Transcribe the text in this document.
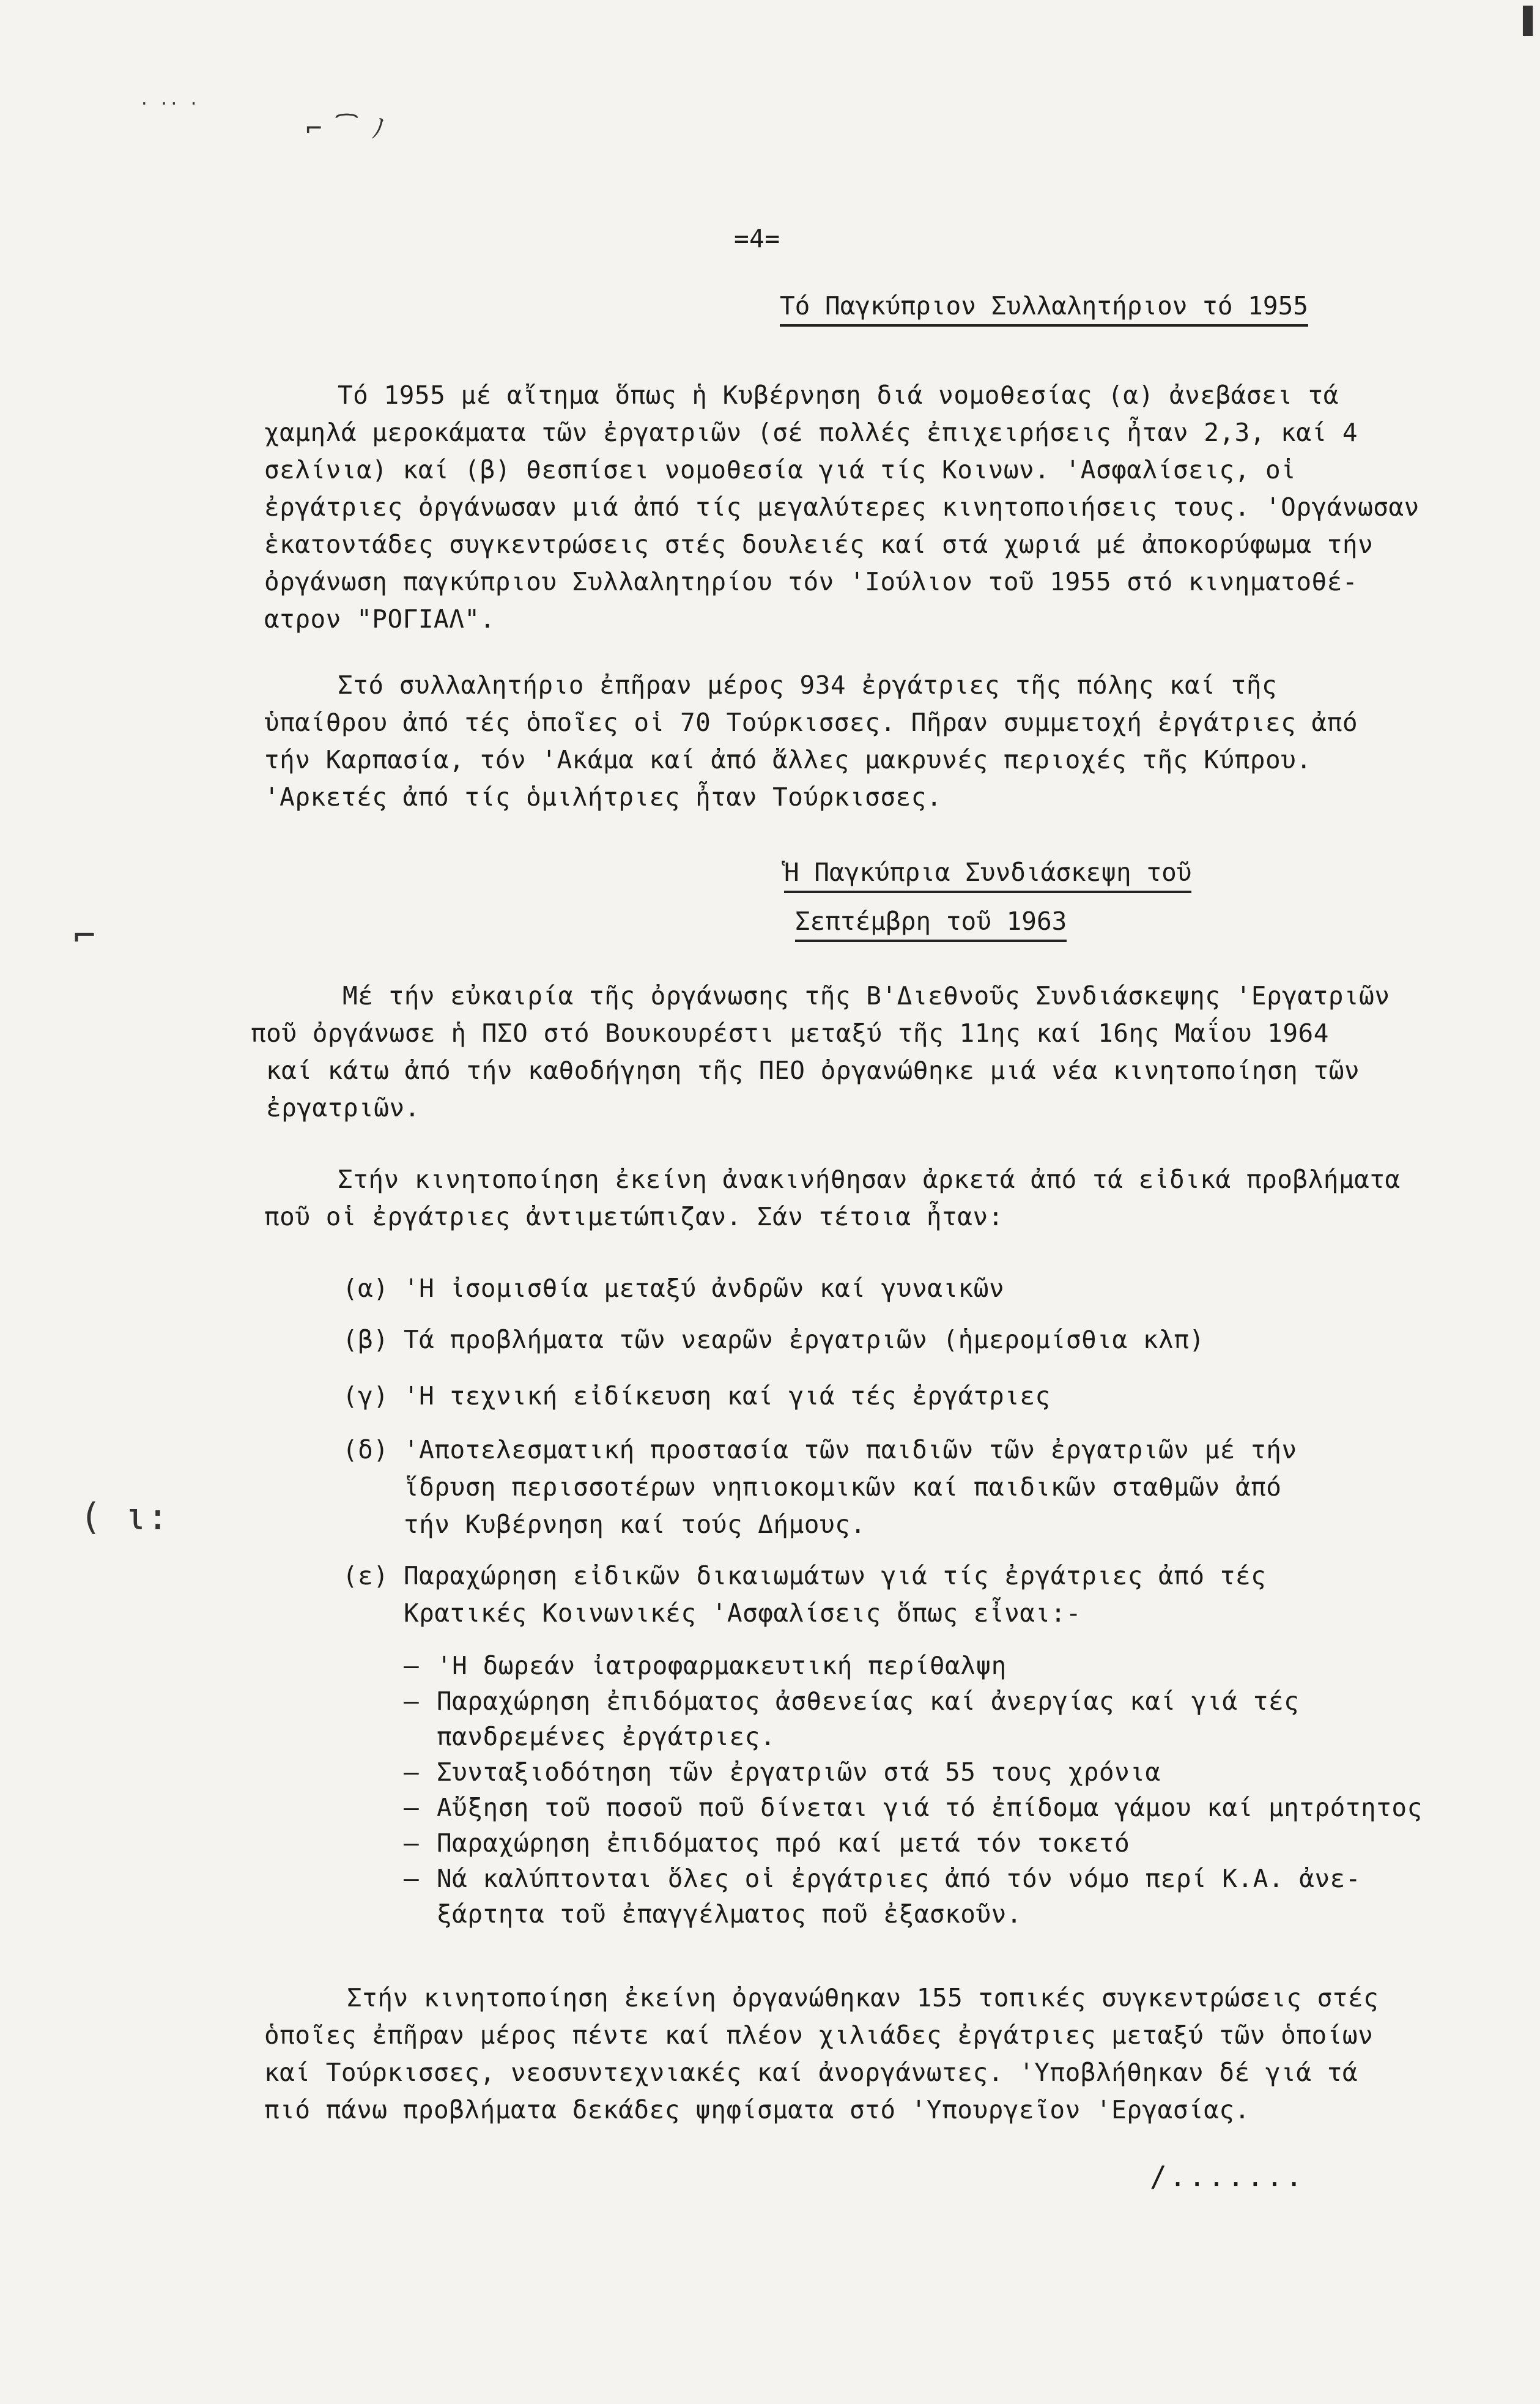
· ·· ·
⌐ ͡ ﾉ
❚
⌐
( ι:
=4=
Τό Παγκύπριον Συλλαλητήριον τό 1955
Τό 1955 μέ αἴτημα ὅπως ἡ Κυβέρνηση διά νομοθεσίας (α) ἀνεβάσει τά
χαμηλά μεροκάματα τῶν ἐργατριῶν (σέ πολλές ἐπιχειρήσεις ἦταν 2,3, καί 4
σελίνια) καί (β) θεσπίσει νομοθεσία γιά τίς Κοινων. 'Ασφαλίσεις, οἱ
ἐργάτριες ὀργάνωσαν μιά ἀπό τίς μεγαλύτερες κινητοποιήσεις τους. 'Οργάνωσαν
ἑκατοντάδες συγκεντρώσεις στές δουλειές καί στά χωριά μέ ἀποκορύφωμα τήν
ὀργάνωση παγκύπριου Συλλαλητηρίου τόν 'Ιούλιον τοῦ 1955 στό κινηματοθέ-
ατρον "ΡΟΓΙΑΛ".
Στό συλλαλητήριο ἐπῆραν μέρος 934 ἐργάτριες τῆς πόλης καί τῆς
ὑπαίθρου ἀπό τές ὁποῖες οἱ 70 Τούρκισσες. Πῆραν συμμετοχή ἐργάτριες ἀπό
τήν Καρπασία, τόν 'Ακάμα καί ἀπό ἄλλες μακρυνές περιοχές τῆς Κύπρου.
'Αρκετές ἀπό τίς ὁμιλήτριες ἦταν Τούρκισσες.
Ἡ Παγκύπρια Συνδιάσκεψη τοῦ
Σεπτέμβρη τοῦ 1963
Μέ τήν εὐκαιρία τῆς ὀργάνωσης τῆς Β'Διεθνοῦς Συνδιάσκεψης 'Εργατριῶν
ποῦ ὀργάνωσε ἡ ΠΣΟ στό Βουκουρέστι μεταξύ τῆς 11ης καί 16ης Μαΐου 1964
καί κάτω ἀπό τήν καθοδήγηση τῆς ΠΕΟ ὀργανώθηκε μιά νέα κινητοποίηση τῶν
ἐργατριῶν.
Στήν κινητοποίηση ἐκείνη ἀνακινήθησαν ἀρκετά ἀπό τά εἰδικά προβλήματα
ποῦ οἱ ἐργάτριες ἀντιμετώπιζαν. Σάν τέτοια ἦταν:
(α) 'Η ἰσομισθία μεταξύ ἀνδρῶν καί γυναικῶν
(β) Τά προβλήματα τῶν νεαρῶν ἐργατριῶν (ἡμερομίσθια κλπ)
(γ) 'Η τεχνική εἰδίκευση καί γιά τές ἐργάτριες
(δ) 'Αποτελεσματική προστασία τῶν παιδιῶν τῶν ἐργατριῶν μέ τήν
ἵδρυση περισσοτέρων νηπιοκομικῶν καί παιδικῶν σταθμῶν ἀπό
τήν Κυβέρνηση καί τούς Δήμους.
(ε) Παραχώρηση εἰδικῶν δικαιωμάτων γιά τίς ἐργάτριες ἀπό τές
Κρατικές Κοινωνικές 'Ασφαλίσεις ὅπως εἶναι:-
– 'Η δωρεάν ἰατροφαρμακευτική περίθαλψη
– Παραχώρηση ἐπιδόματος ἀσθενείας καί ἀνεργίας καί γιά τές
πανδρεμένες ἐργάτριες.
– Συνταξιοδότηση τῶν ἐργατριῶν στά 55 τους χρόνια
– Αὔξηση τοῦ ποσοῦ ποῦ δίνεται γιά τό ἐπίδομα γάμου καί μητρότητος
– Παραχώρηση ἐπιδόματος πρό καί μετά τόν τοκετό
– Νά καλύπτονται ὅλες οἱ ἐργάτριες ἀπό τόν νόμο περί Κ.Α. ἀνε-
ξάρτητα τοῦ ἐπαγγέλματος ποῦ ἐξασκοῦν.
Στήν κινητοποίηση ἐκείνη ὀργανώθηκαν 155 τοπικές συγκεντρώσεις στές
ὁποῖες ἐπῆραν μέρος πέντε καί πλέον χιλιάδες ἐργάτριες μεταξύ τῶν ὁποίων
καί Τούρκισσες, νεοσυντεχνιακές καί ἀνοργάνωτες. 'Υποβλήθηκαν δέ γιά τά
πιό πάνω προβλήματα δεκάδες ψηφίσματα στό 'Υπουργεῖον 'Εργασίας.
/.......
